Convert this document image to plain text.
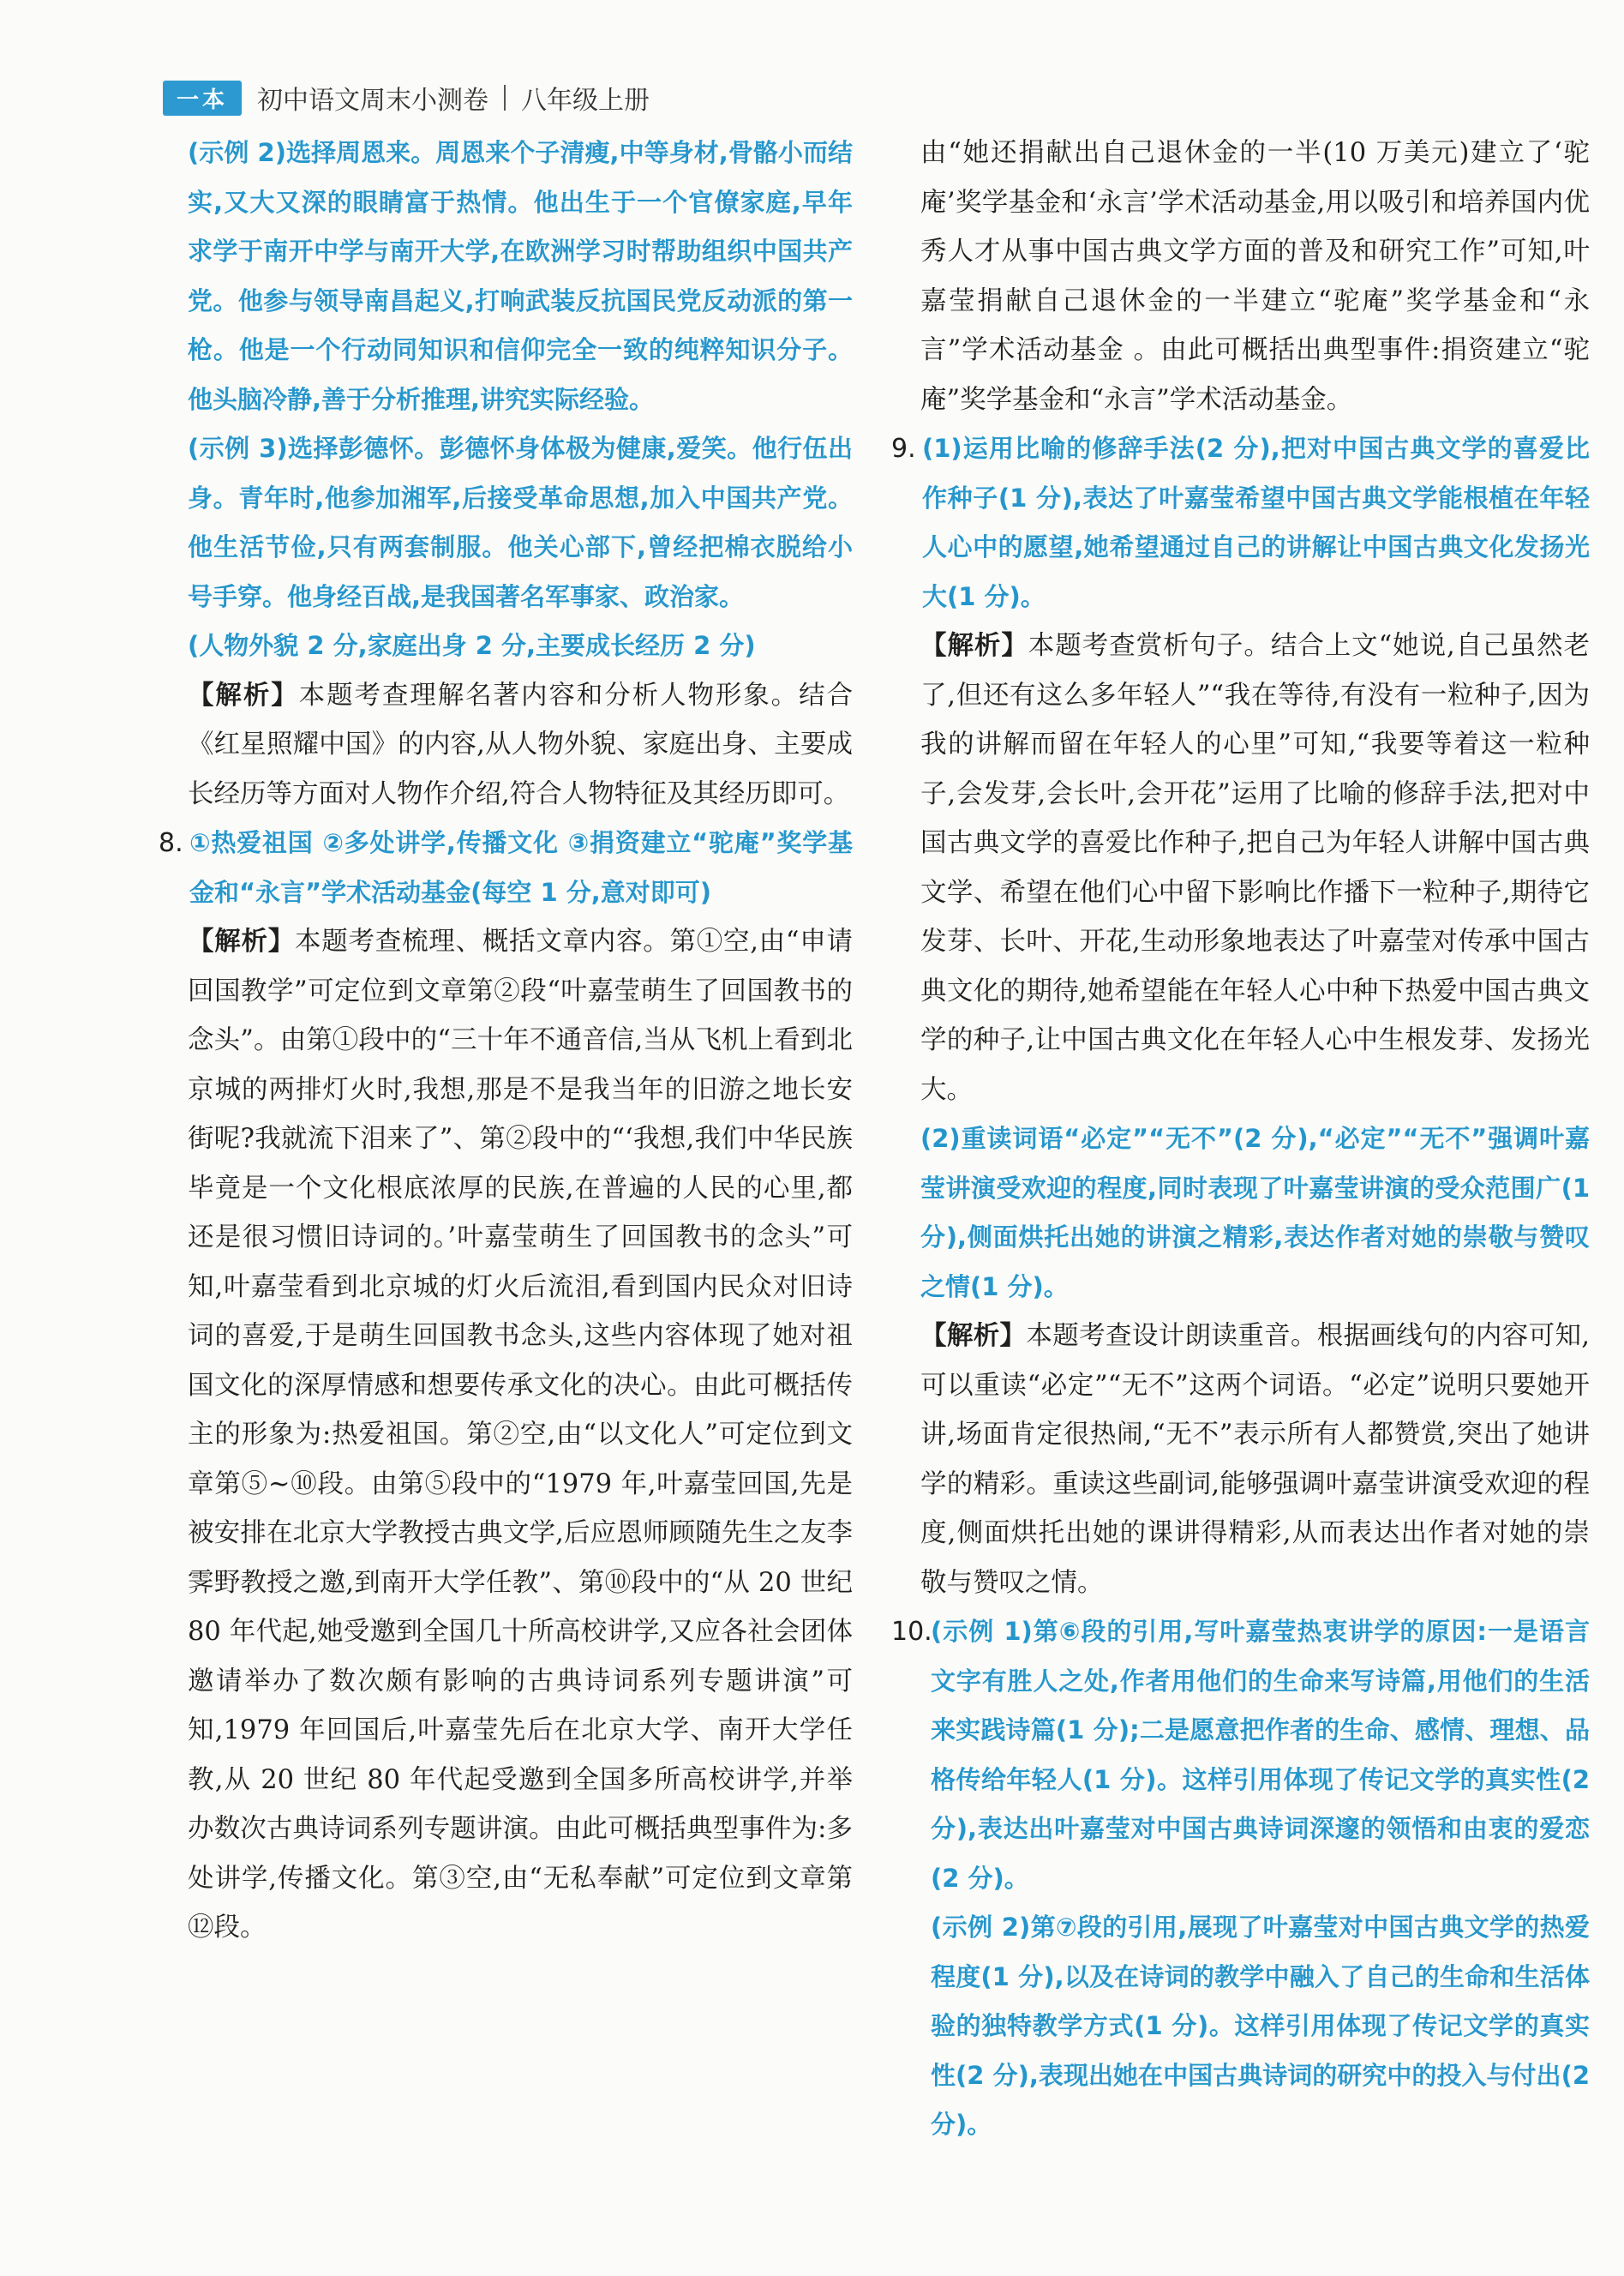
一本	初中语文周末小测卷 八年级上册

(示例 2)选择周恩来。周恩来个子清瘦,中等身材,骨骼小而结实,又大又深的眼睛富于热情。他出生于一个官僚家庭,早年求学于南开中学与南开大学,在欧洲学习时帮助组织中国共产党。他参与领导南昌起义,打响武装反抗国民党反动派的第一枪。他是一个行动同知识和信仰完全一致的纯粹知识分子。他头脑冷静,善于分析推理,讲究实际经验。

(示例 3)选择彭德怀。彭德怀身体极为健康,爱笑。他行伍出身。青年时,他参加湘军,后接受革命思想,加入中国共产党。他生活节俭,只有两套制服。他关心部下,曾经把棉衣脱给小号手穿。他身经百战,是我国著名军事家、政治家。

(人物外貌 2 分,家庭出身 2 分,主要成长经历 2 分)

【解析】本题考查理解名著内容和分析人物形象。结合《红星照耀中国》的内容,从人物外貌、家庭出身、主要成长经历等方面对人物作介绍,符合人物特征及其经历即可。

8. ①热爱祖国 ②多处讲学,传播文化 ③捐资建立“驼庵”奖学基金和“永言”学术活动基金(每空 1 分,意对即可)

【解析】本题考查梳理、概括文章内容。第①空,由“申请回国教学”可定位到文章第②段“叶嘉莹萌生了回国教书的念头”。由第①段中的“三十年不通音信,当从飞机上看到北京城的两排灯火时,我想,那是不是我当年的旧游之地长安街呢?我就流下泪来了”、第②段中的“‘我想,我们中华民族毕竟是一个文化根底浓厚的民族,在普遍的人民的心里,都还是很习惯旧诗词的。’叶嘉莹萌生了回国教书的念头”可知,叶嘉莹看到北京城的灯火后流泪,看到国内民众对旧诗词的喜爱,于是萌生回国教书念头,这些内容体现了她对祖国文化的深厚情感和想要传承文化的决心。由此可概括传主的形象为:热爱祖国。第②空,由“以文化人”可定位到文章第⑤~⑩段。由第⑤段中的“1979 年,叶嘉莹回国,先是被安排在北京大学教授古典文学,后应恩师顾随先生之友李霁野教授之邀,到南开大学任教”、第⑩段中的“从 20 世纪 80 年代起,她受邀到全国几十所高校讲学,又应各社会团体邀请举办了数次颇有影响的古典诗词系列专题讲演”可知,1979 年回国后,叶嘉莹先后在北京大学、南开大学任教,从 20 世纪 80 年代起受邀到全国多所高校讲学,并举办数次古典诗词系列专题讲演。由此可概括典型事件为:多处讲学,传播文化。第③空,由“无私奉献”可定位到文章第⑫段。

由“她还捐献出自己退休金的一半(10 万美元)建立了‘驼庵’奖学基金和‘永言’学术活动基金,用以吸引和培养国内优秀人才从事中国古典文学方面的普及和研究工作”可知,叶嘉莹捐献自己退休金的一半建立“驼庵”奖学基金和“永言”学术活动基金 。由此可概括出典型事件:捐资建立“驼庵”奖学基金和“永言”学术活动基金。

9. (1)运用比喻的修辞手法(2 分),把对中国古典文学的喜爱比作种子(1 分),表达了叶嘉莹希望中国古典文学能根植在年轻人心中的愿望,她希望通过自己的讲解让中国古典文化发扬光大(1 分)。

【解析】本题考查赏析句子。结合上文“她说,自己虽然老了,但还有这么多年轻人”“我在等待,有没有一粒种子,因为我的讲解而留在年轻人的心里”可知,“我要等着这一粒种子,会发芽,会长叶,会开花”运用了比喻的修辞手法,把对中国古典文学的喜爱比作种子,把自己为年轻人讲解中国古典文学、希望在他们心中留下影响比作播下一粒种子,期待它发芽、长叶、开花,生动形象地表达了叶嘉莹对传承中国古典文化的期待,她希望能在年轻人心中种下热爱中国古典文学的种子,让中国古典文化在年轻人心中生根发芽、发扬光大。

(2)重读词语“必定”“无不”(2 分),“必定”“无不”强调叶嘉莹讲演受欢迎的程度,同时表现了叶嘉莹讲演的受众范围广(1 分),侧面烘托出她的讲演之精彩,表达作者对她的崇敬与赞叹之情(1 分)。

【解析】本题考查设计朗读重音。根据画线句的内容可知,可以重读“必定”“无不”这两个词语。“必定”说明只要她开讲,场面肯定很热闹,“无不”表示所有人都赞赏,突出了她讲学的精彩。重读这些副词,能够强调叶嘉莹讲演受欢迎的程度,侧面烘托出她的课讲得精彩,从而表达出作者对她的崇敬与赞叹之情。

10.

(示例 1)第⑥段的引用,写叶嘉莹热衷讲学的原因:一是语言文字有胜人之处,作者用他们的生命来写诗篇,用他们的生活来实践诗篇(1 分);二是愿意把作者的生命、感情、理想、品格传给年轻人(1 分)。这样引用体现了传记文学的真实性(2 分),表达出叶嘉莹对中国古典诗词深邃的领悟和由衷的爱恋(2 分)。

(示例 2)第⑦段的引用,展现了叶嘉莹对中国古典文学的热爱程度(1 分),以及在诗词的教学中融入了自己的生命和生活体验的独特教学方式(1 分)。这样引用体现了传记文学的真实性(2 分),表现出她在中国古典诗词的研究中的投入与付出(2 分)。
